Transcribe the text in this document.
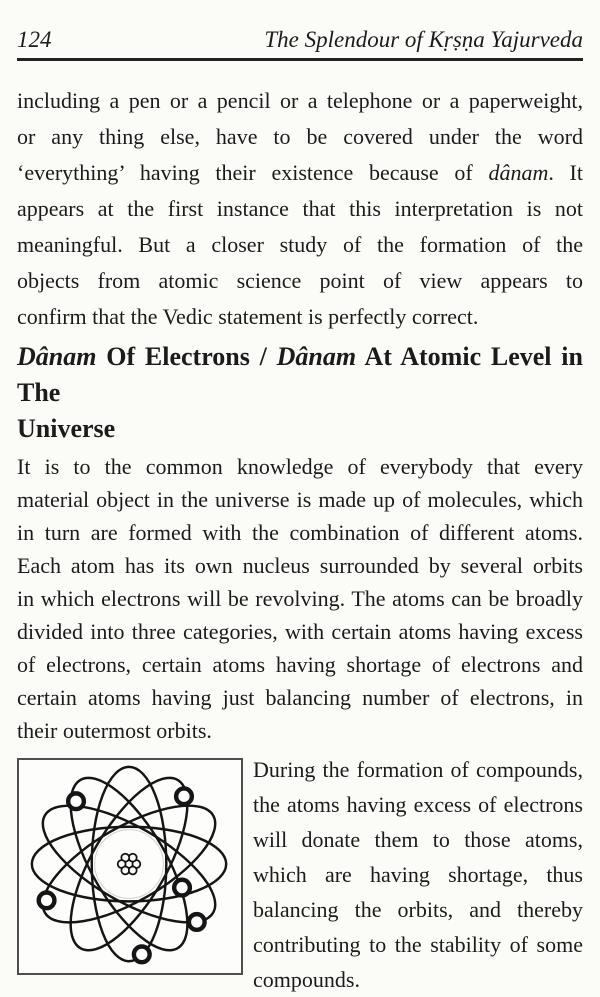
124	The Splendour of Kṛṣṇa Yajurveda
including a pen or a pencil or a telephone or a paperweight,
or any thing else, have to be covered under the word
‘everything’ having their existence because of dânam. It
appears at the first instance that this interpretation is not
meaningful. But a closer study of the formation of the
objects from atomic science point of view appears to
confirm that the Vedic statement is perfectly correct.
Dânam Of Electrons / Dânam At Atomic Level in The
Universe
It is to the common knowledge of everybody that every
material object in the universe is made up of molecules, which
in turn are formed with the combination of different atoms.
Each atom has its own nucleus surrounded by several orbits
in which electrons will be revolving. The atoms can be broadly
divided into three categories, with certain atoms having excess
of electrons, certain atoms having shortage of electrons and
certain atoms having just balancing number of electrons, in
their outermost orbits.
During the formation of compounds,
the atoms having excess of electrons
will donate them to those atoms,
which are having shortage, thus
balancing the orbits, and thereby
contributing to the stability of some
compounds.
